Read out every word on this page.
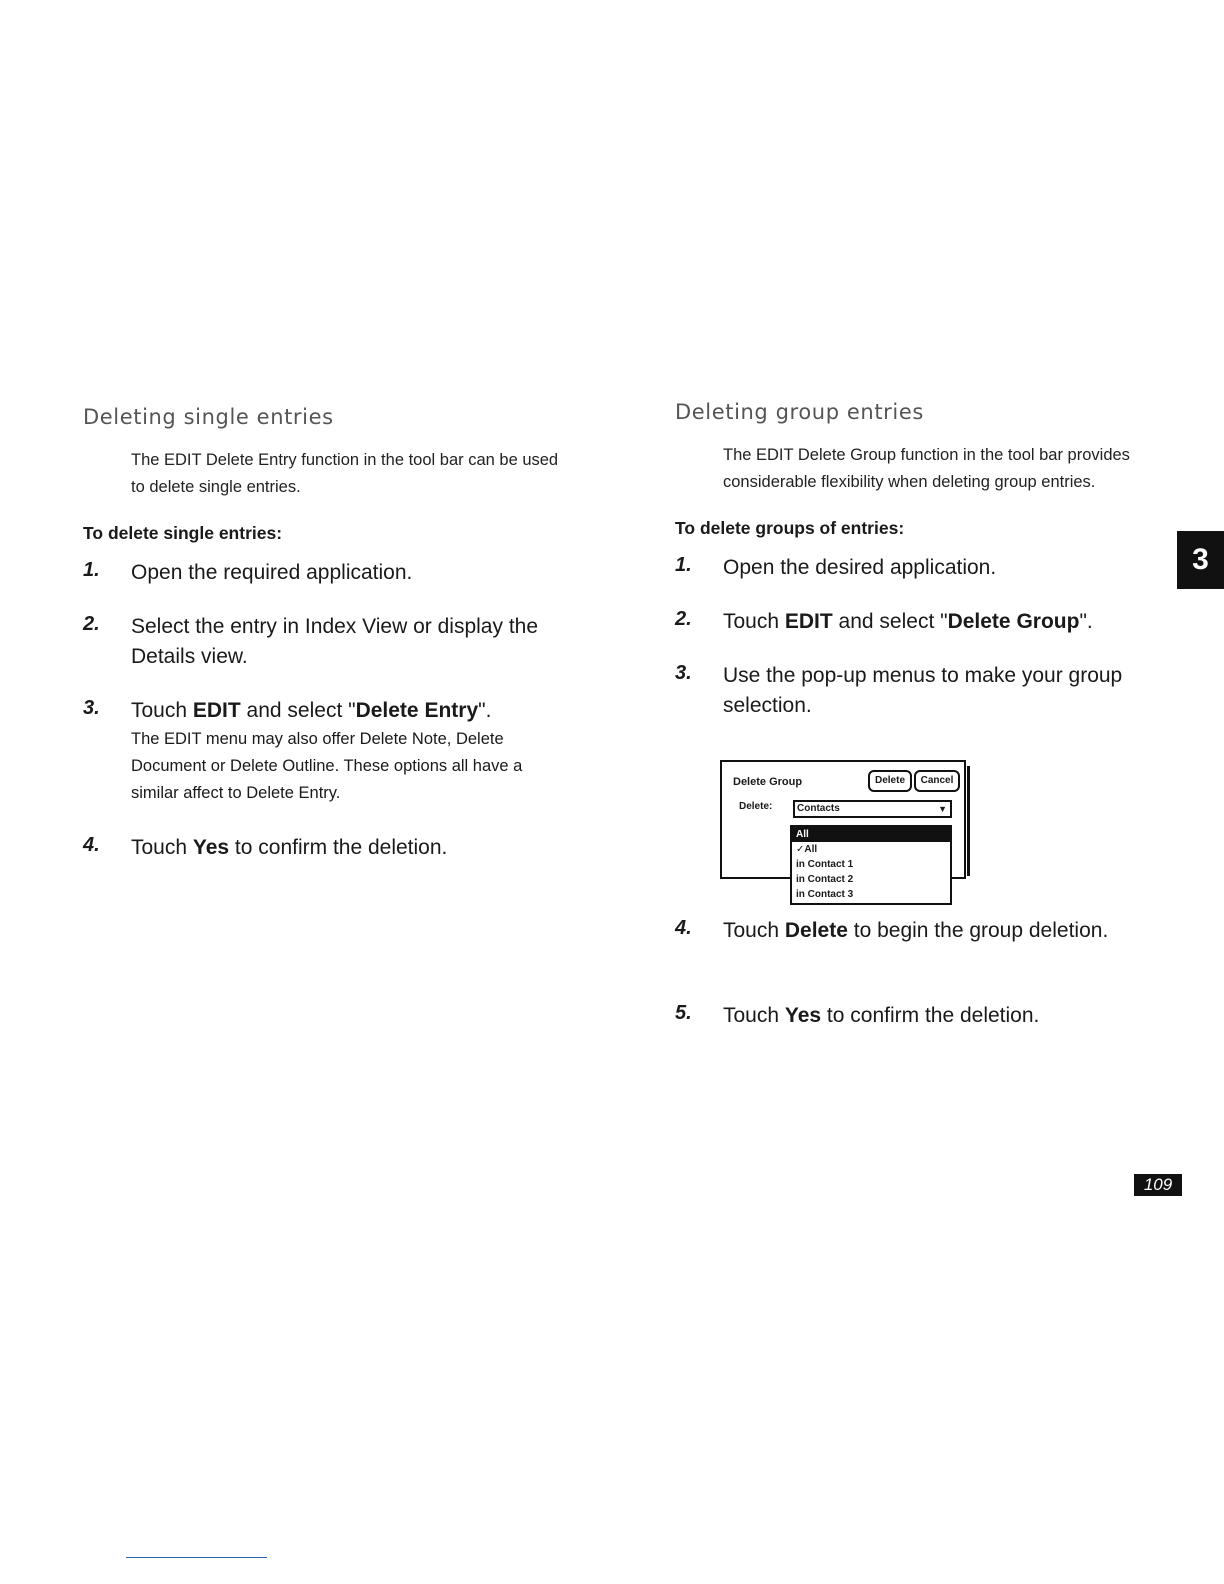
Deleting single entries

The EDIT Delete Entry function in the tool bar can be used to delete single entries.

To delete single entries:

1. Open the required application.
2. Select the entry in Index View or display the Details view.
3. Touch EDIT and select "Delete Entry".
The EDIT menu may also offer Delete Note, Delete Document or Delete Outline. These options all have a similar affect to Delete Entry.
4. Touch Yes to confirm the deletion.
Deleting group entries

The EDIT Delete Group function in the tool bar provides considerable flexibility when deleting group entries.

To delete groups of entries:

1. Open the desired application.
2. Touch EDIT and select "Delete Group".
3. Use the pop-up menus to make your group selection.
4. Touch Delete to begin the group deletion.
5. Touch Yes to confirm the deletion.
Delete Group	Delete	Cancel
Delete: Contacts	▼
All
✓All
in Contact 1
in Contact 2
in Contact 3
3
109
